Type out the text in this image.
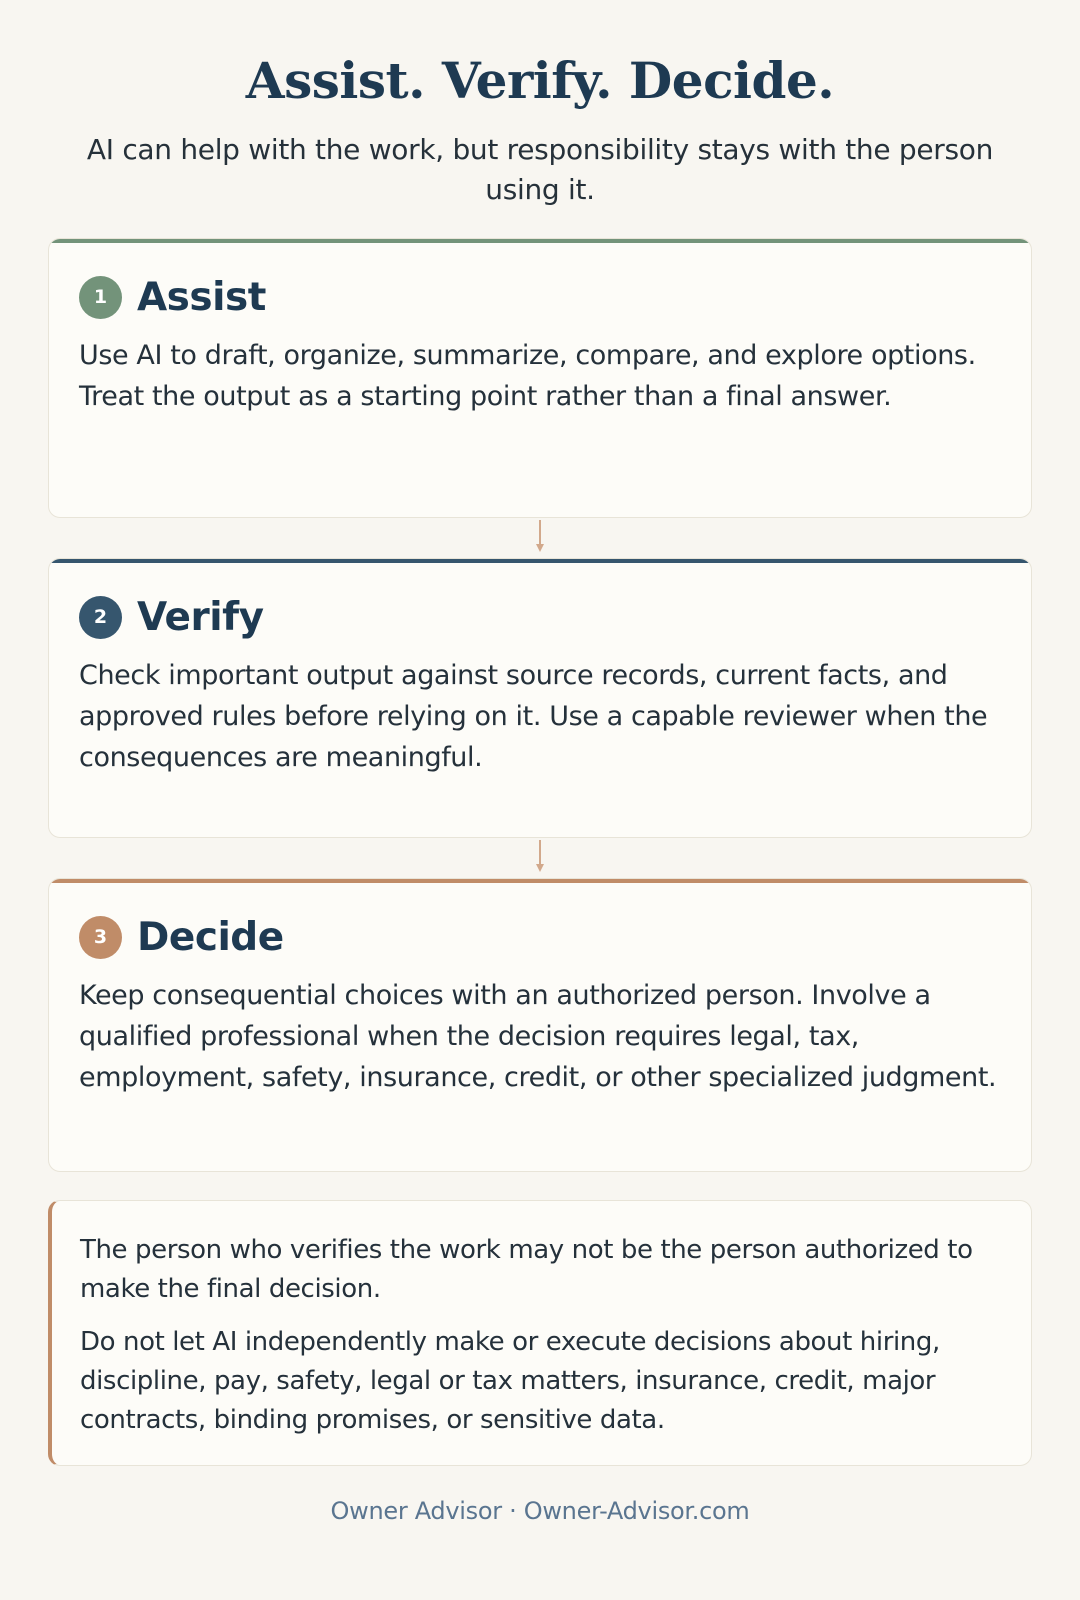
Assist. Verify. Decide.

AI can help with the work, but responsibility stays with the person using it.

1 Assist

Use AI to draft, organize, summarize, compare, and explore options. Treat the output as a starting point rather than a final answer.

2 Verify

Check important output against source records, current facts, and approved rules before relying on it. Use a capable reviewer when the consequences are meaningful.

3 Decide

Keep consequential choices with an authorized person. Involve a qualified professional when the decision requires legal, tax, employment, safety, insurance, credit, or other specialized judgment.

The person who verifies the work may not be the person authorized to make the final decision.

Do not let AI independently make or execute decisions about hiring, discipline, pay, safety, legal or tax matters, insurance, credit, major contracts, binding promises, or sensitive data.

Owner Advisor · Owner-Advisor.com
